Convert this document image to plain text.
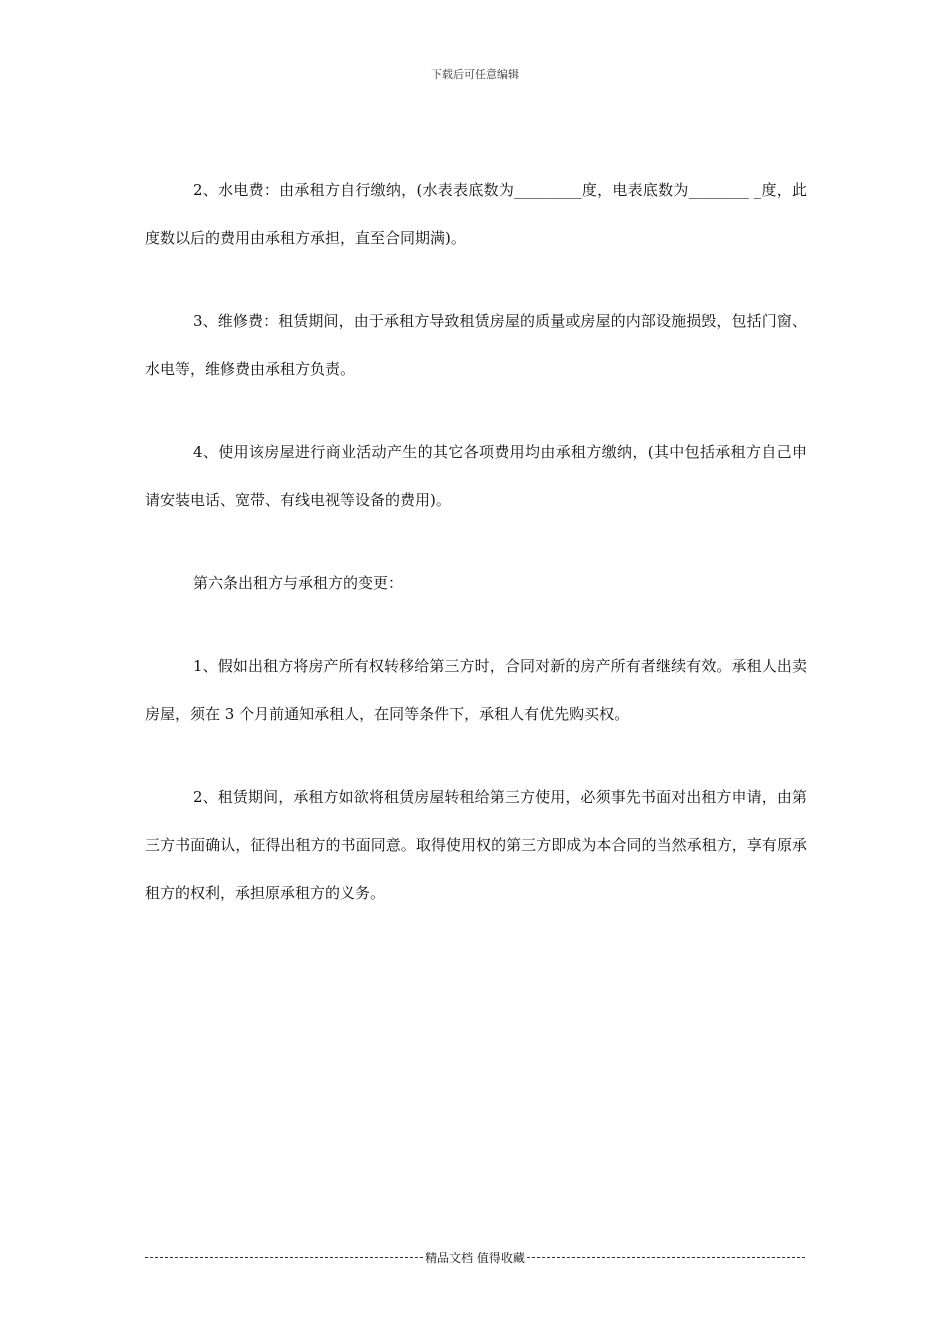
下载后可任意编辑

2、水电费：由承租方自行缴纳，(水表表底数为_________度，电表底数为________ _度，此度数以后的费用由承租方承担，直至合同期满)。

3、维修费：租赁期间，由于承租方导致租赁房屋的质量或房屋的内部设施损毁，包括门窗、水电等，维修费由承租方负责。

4、使用该房屋进行商业活动产生的其它各项费用均由承租方缴纳，(其中包括承租方自己申请安装电话、宽带、有线电视等设备的费用)。

第六条出租方与承租方的变更：

1、假如出租方将房产所有权转移给第三方时，合同对新的房产所有者继续有效。承租人出卖房屋，须在 3 个月前通知承租人，在同等条件下，承租人有优先购买权。

2、租赁期间，承租方如欲将租赁房屋转租给第三方使用，必须事先书面对出租方申请，由第三方书面确认，征得出租方的书面同意。取得使用权的第三方即成为本合同的当然承租方，享有原承租方的权利，承担原承租方的义务。

精品文档 值得收藏
